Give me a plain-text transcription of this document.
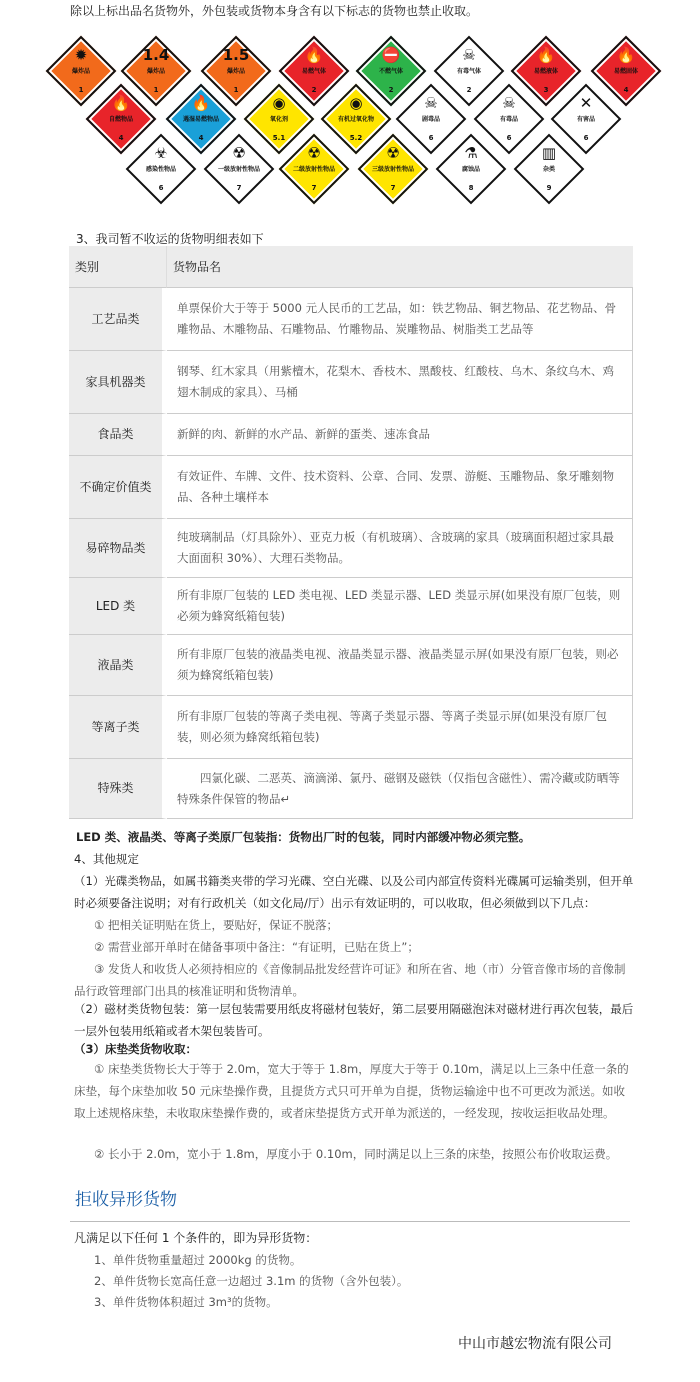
除以上标出品名货物外，外包装或货物本身含有以下标志的货物也禁止收取。
✹
爆炸品
1
1.4
爆炸品
1
1.5
爆炸品
1
🔥
易燃气体
2
⛔
不燃气体
2
☠
有毒气体
2
🔥
易燃液体
3
🔥
自燃物品
4
🔥
遇湿易燃物品
4
◉
氧化剂
5.1
◉
有机过氧化物
5.2
☠
剧毒品
6
☠
有毒品
6
✕
有害品
6
☣
感染性物品
6
☢
一级放射性物品
7
☢
二级放射性物品
7
☢
三级放射性物品
7
⚗
腐蚀品
8
▥
杂类
9
🔥
易燃固体
4
3、我司暂不收运的货物明细表如下
类别	货物品名
工艺品类	单票保价大于等于 5000 元人民币的工艺品，如：铁艺物品、铜艺物品、花艺物品、骨雕物品、木雕物品、石雕物品、竹雕物品、炭雕物品、树脂类工艺品等
家具机器类	钢琴、红木家具（用紫檀木，花梨木、香枝木、黑酸枝、红酸枝、乌木、条纹乌木、鸡翅木制成的家具）、马桶
食品类	新鲜的肉、新鲜的水产品、新鲜的蛋类、速冻食品
不确定价值类	有效证件、车牌、文件、技术资料、公章、合同、发票、游艇、玉雕物品、象牙雕刻物品、各种土壤样本
易碎物品类	纯玻璃制品（灯具除外）、亚克力板（有机玻璃）、含玻璃的家具（玻璃面积超过家具最大面面积 30%）、大理石类物品。
LED 类	所有非原厂包装的 LED 类电视、LED 类显示器、LED 类显示屏(如果没有原厂包装，则必须为蜂窝纸箱包装)
液晶类	所有非原厂包装的液晶类电视、液晶类显示器、液晶类显示屏(如果没有原厂包装，则必须为蜂窝纸箱包装)
等离子类	所有非原厂包装的等离子类电视、等离子类显示器、等离子类显示屏(如果没有原厂包装，则必须为蜂窝纸箱包装)
特殊类	　　四氯化碳、二恶英、滴滴涕、氯丹、磁钢及磁铁（仅指包含磁性）、需冷藏或防晒等特殊条件保管的物品↵
LED 类、液晶类、等离子类原厂包装指：货物出厂时的包装，同时内部缓冲物必须完整。
4、其他规定
（1）光碟类物品，如属书籍类夹带的学习光碟、空白光碟、以及公司内部宣传资料光碟属可运输类别，但开单时必须要备注说明；对有行政机关（如文化局/厅）出示有效证明的，可以收取，但必须做到以下几点：
① 把相关证明贴在货上，要贴好，保证不脱落；
② 需营业部开单时在储备事项中备注：“有证明，已贴在货上”；
③ 发货人和收货人必须持相应的《音像制品批发经营许可证》和所在省、地（市）分管音像市场的音像制品行政管理部门出具的核准证明和货物清单。
（2）磁材类货物包装：第一层包装需要用纸皮将磁材包装好，第二层要用隔磁泡沫对磁材进行再次包装，最后一层外包装用纸箱或者木架包装皆可。
（3）床垫类货物收取：
① 床垫类货物长大于等于 2.0m，宽大于等于 1.8m，厚度大于等于 0.10m，满足以上三条中任意一条的床垫，每个床垫加收 50 元床垫操作费，且提货方式只可开单为自提，货物运输途中也不可更改为派送。如收取上述规格床垫，未收取床垫操作费的，或者床垫提货方式开单为派送的，一经发现，按收运拒收品处理。
② 长小于 2.0m，宽小于 1.8m，厚度小于 0.10m，同时满足以上三条的床垫，按照公布价收取运费。
拒收异形货物
凡满足以下任何 1 个条件的，即为异形货物：
1、单件货物重量超过 2000kg 的货物。
2、单件货物长宽高任意一边超过 3.1m 的货物（含外包装）。
3、单件货物体积超过 3m³的货物。
中山市越宏物流有限公司
